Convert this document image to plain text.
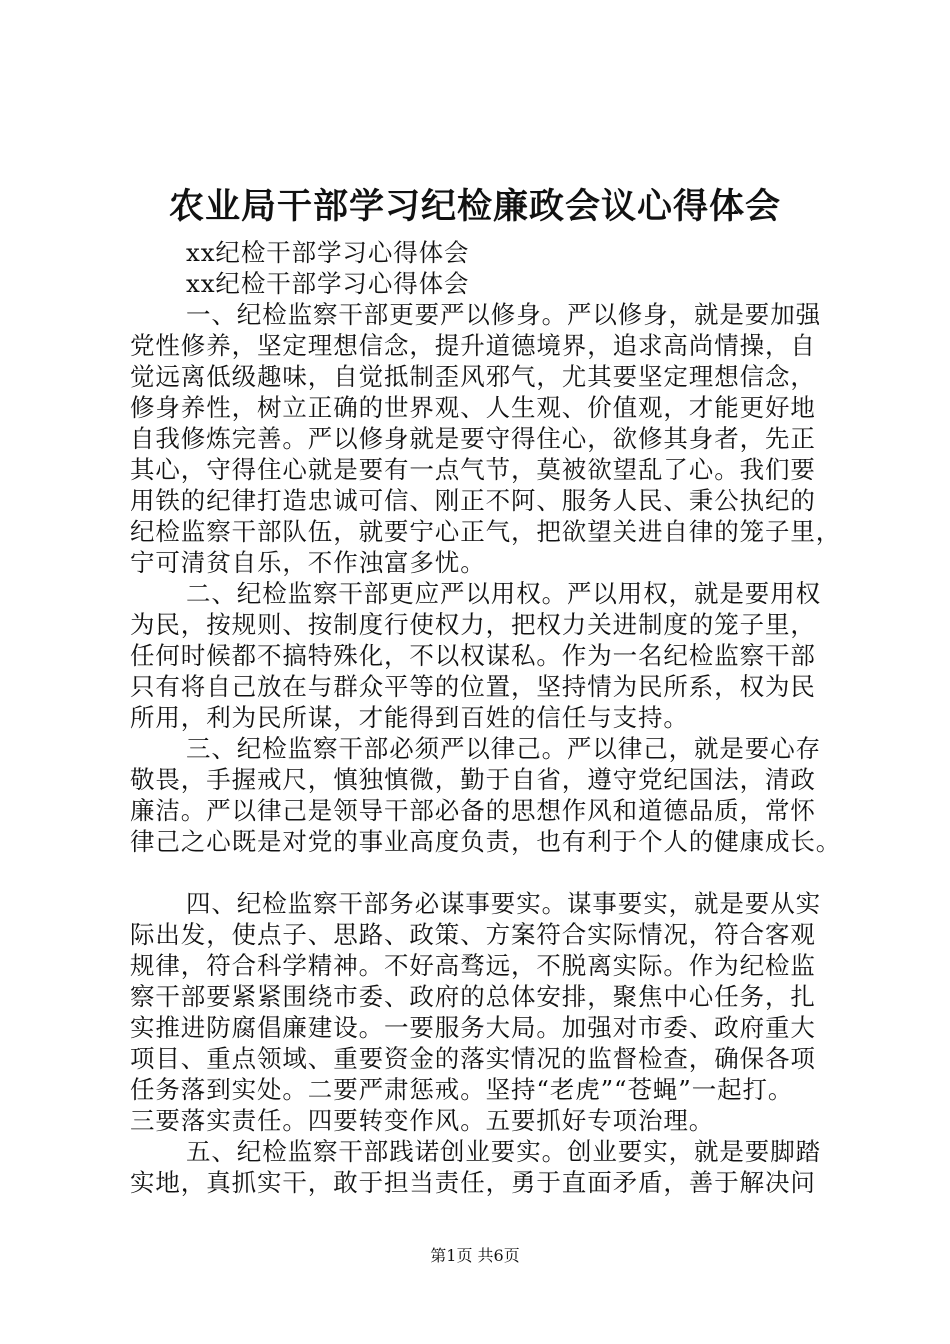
农业局干部学习纪检廉政会议心得体会
xx纪检干部学习心得体会
xx纪检干部学习心得体会
一、纪检监察干部更要严以修身。严以修身，就是要加强
党性修养，坚定理想信念，提升道德境界，追求高尚情操，自
觉远离低级趣味，自觉抵制歪风邪气，尤其要坚定理想信念，
修身养性，树立正确的世界观、人生观、价值观，才能更好地
自我修炼完善。严以修身就是要守得住心，欲修其身者，先正
其心，守得住心就是要有一点气节，莫被欲望乱了心。我们要
用铁的纪律打造忠诚可信、刚正不阿、服务人民、秉公执纪的
纪检监察干部队伍，就要宁心正气，把欲望关进自律的笼子里，
宁可清贫自乐，不作浊富多忧。
二、纪检监察干部更应严以用权。严以用权，就是要用权
为民，按规则、按制度行使权力，把权力关进制度的笼子里，
任何时候都不搞特殊化，不以权谋私。作为一名纪检监察干部
只有将自己放在与群众平等的位置，坚持情为民所系，权为民
所用，利为民所谋，才能得到百姓的信任与支持。
三、纪检监察干部必须严以律己。严以律己，就是要心存
敬畏，手握戒尺，慎独慎微，勤于自省，遵守党纪国法，清政
廉洁。严以律己是领导干部必备的思想作风和道德品质，常怀
律己之心既是对党的事业高度负责，也有利于个人的健康成长。
四、纪检监察干部务必谋事要实。谋事要实，就是要从实
际出发，使点子、思路、政策、方案符合实际情况，符合客观
规律，符合科学精神。不好高骛远，不脱离实际。作为纪检监
察干部要紧紧围绕市委、政府的总体安排，聚焦中心任务，扎
实推进防腐倡廉建设。一要服务大局。加强对市委、政府重大
项目、重点领域、重要资金的落实情况的监督检查，确保各项
任务落到实处。二要严肃惩戒。坚持“老虎”“苍蝇”一起打。
三要落实责任。四要转变作风。五要抓好专项治理。
五、纪检监察干部践诺创业要实。创业要实，就是要脚踏
实地，真抓实干，敢于担当责任，勇于直面矛盾，善于解决问
第1页 共6页
